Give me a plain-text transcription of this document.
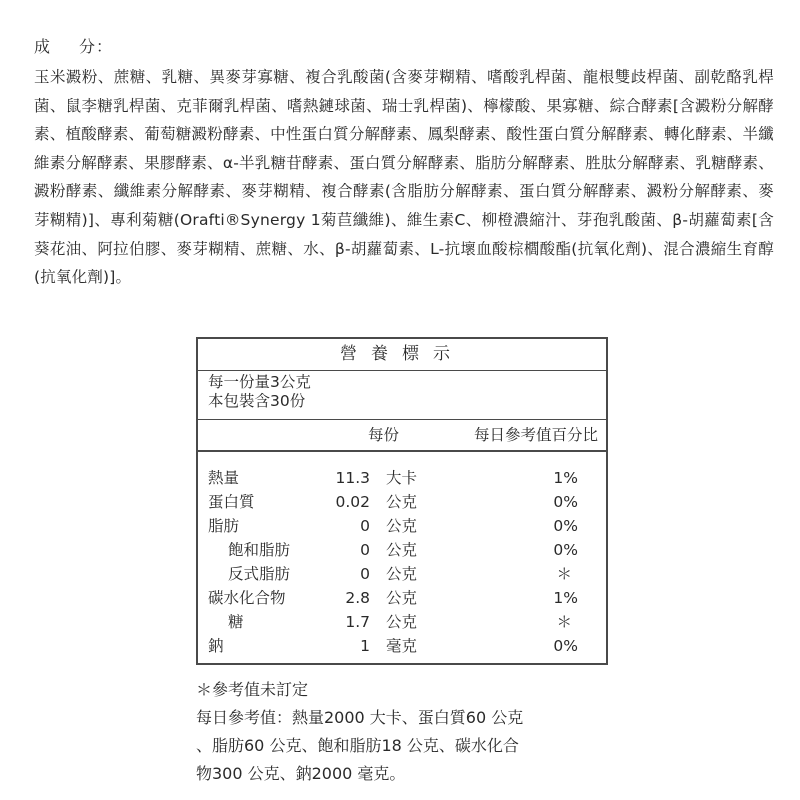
成 分：

玉米澱粉、蔗糖、乳糖、異麥芽寡糖、複合乳酸菌(含麥芽糊精、嗜酸乳桿菌、龍根雙歧桿菌、副乾酪乳桿菌、鼠李糖乳桿菌、克菲爾乳桿菌、嗜熱鏈球菌、瑞士乳桿菌)、檸檬酸、果寡糖、綜合酵素[含澱粉分解酵素、植酸酵素、葡萄糖澱粉酵素、中性蛋白質分解酵素、鳳梨酵素、酸性蛋白質分解酵素、轉化酵素、半纖維素分解酵素、果膠酵素、α-半乳糖苷酵素、蛋白質分解酵素、脂肪分解酵素、胜肽分解酵素、乳糖酵素、澱粉酵素、纖維素分解酵素、麥芽糊精、複合酵素(含脂肪分解酵素、蛋白質分解酵素、澱粉分解酵素、麥芽糊精)]、專利菊糖(Orafti®Synergy 1菊苣纖維)、維生素C、柳橙濃縮汁、芽孢乳酸菌、β-胡蘿蔔素[含葵花油、阿拉伯膠、麥芽糊精、蔗糖、水、β-胡蘿蔔素、L-抗壞血酸棕櫚酸酯(抗氧化劑)、混合濃縮生育醇(抗氧化劑)]。

營養標示
每一份量3公克
本包裝含30份
每份	每日參考值百分比
熱量	11.3 大卡	1%
蛋白質	0.02 公克	0%
脂肪	0 公克	0%
飽和脂肪	0 公克	0%
反式脂肪	0 公克	＊
碳水化合物	2.8 公克	1%
糖	1.7 公克	＊
鈉	1 毫克	0%

＊參考值未訂定

每日參考值：熱量2000 大卡、蛋白質60 公克

、脂肪60 公克、飽和脂肪18 公克、碳水化合

物300 公克、鈉2000 毫克。
